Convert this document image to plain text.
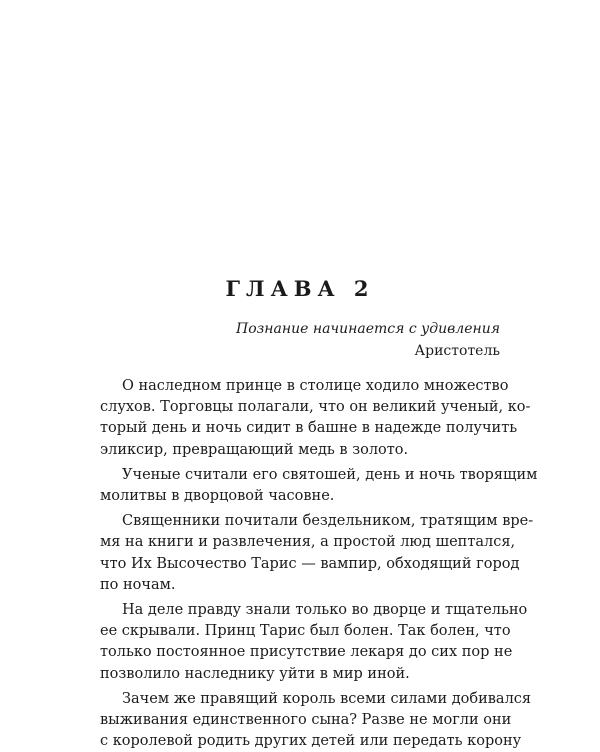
ГЛАВА 2
Познание начинается с удивления
Аристотель
О наследном принце в столице ходило множество
слухов. Торговцы полагали, что он великий ученый, ко-
торый день и ночь сидит в башне в надежде получить
эликсир, превращающий медь в золото.
Ученые считали его святошей, день и ночь творящим
молитвы в дворцовой часовне.
Священники почитали бездельником, тратящим вре-
мя на книги и развлечения, а простой люд шептался,
что Их Высочество Тарис — вампир, обходящий город
по ночам.
На деле правду знали только во дворце и тщательно
ее скрывали. Принц Тарис был болен. Так болен, что
только постоянное присутствие лекаря до сих пор не
позволило наследнику уйти в мир иной.
Зачем же правящий король всеми силами добивался
выживания единственного сына? Разве не могли они
с королевой родить других детей или передать корону
